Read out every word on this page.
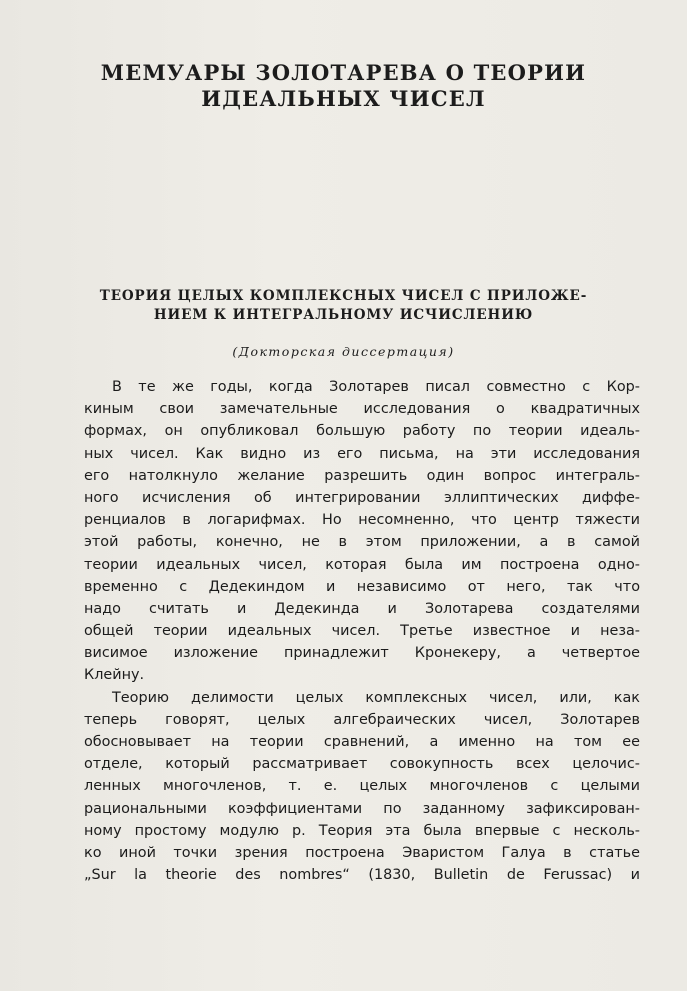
МЕМУАРЫ ЗОЛОТАРЕВА О ТЕОРИИ
ИДЕАЛЬНЫХ ЧИСЕЛ
ТЕОРИЯ ЦЕЛЫХ КОМПЛЕКСНЫХ ЧИСЕЛ С ПРИЛОЖЕ-
НИЕМ К ИНТЕГРАЛЬНОМУ ИСЧИСЛЕНИЮ
(Докторская диссертация)
В те же годы, когда Золотарев писал совместно с Кор-
киным свои замечательные исследования о квадратичных
формах, он опубликовал большую работу по теории идеаль-
ных чисел. Как видно из его письма, на эти исследования
его натолкнуло желание разрешить один вопрос интеграль-
ного исчисления об интегрировании эллиптических диффе-
ренциалов в логарифмах. Но несомненно, что центр тяжести
этой работы, конечно, не в этом приложении, а в самой
теории идеальных чисел, которая была им построена одно-
временно с Дедекиндом и независимо от него, так что
надо считать и Дедекинда и Золотарева создателями
общей теории идеальных чисел. Третье известное и неза-
висимое изложение принадлежит Кронекеру, а четвертое
Клейну.
Теорию делимости целых комплексных чисел, или, как
теперь говорят, целых алгебраических чисел, Золотарев
обосновывает на теории сравнений, а именно на том ее
отделе, который рассматривает совокупность всех целочис-
ленных многочленов, т. е. целых многочленов с целыми
рациональными коэффициентами по заданному зафиксирован-
ному простому модулю p. Теория эта была впервые с несколь-
ко иной точки зрения построена Эваристом Галуа в статье
„Sur la theorie des nombres“ (1830, Bulletin de Ferussac) и
